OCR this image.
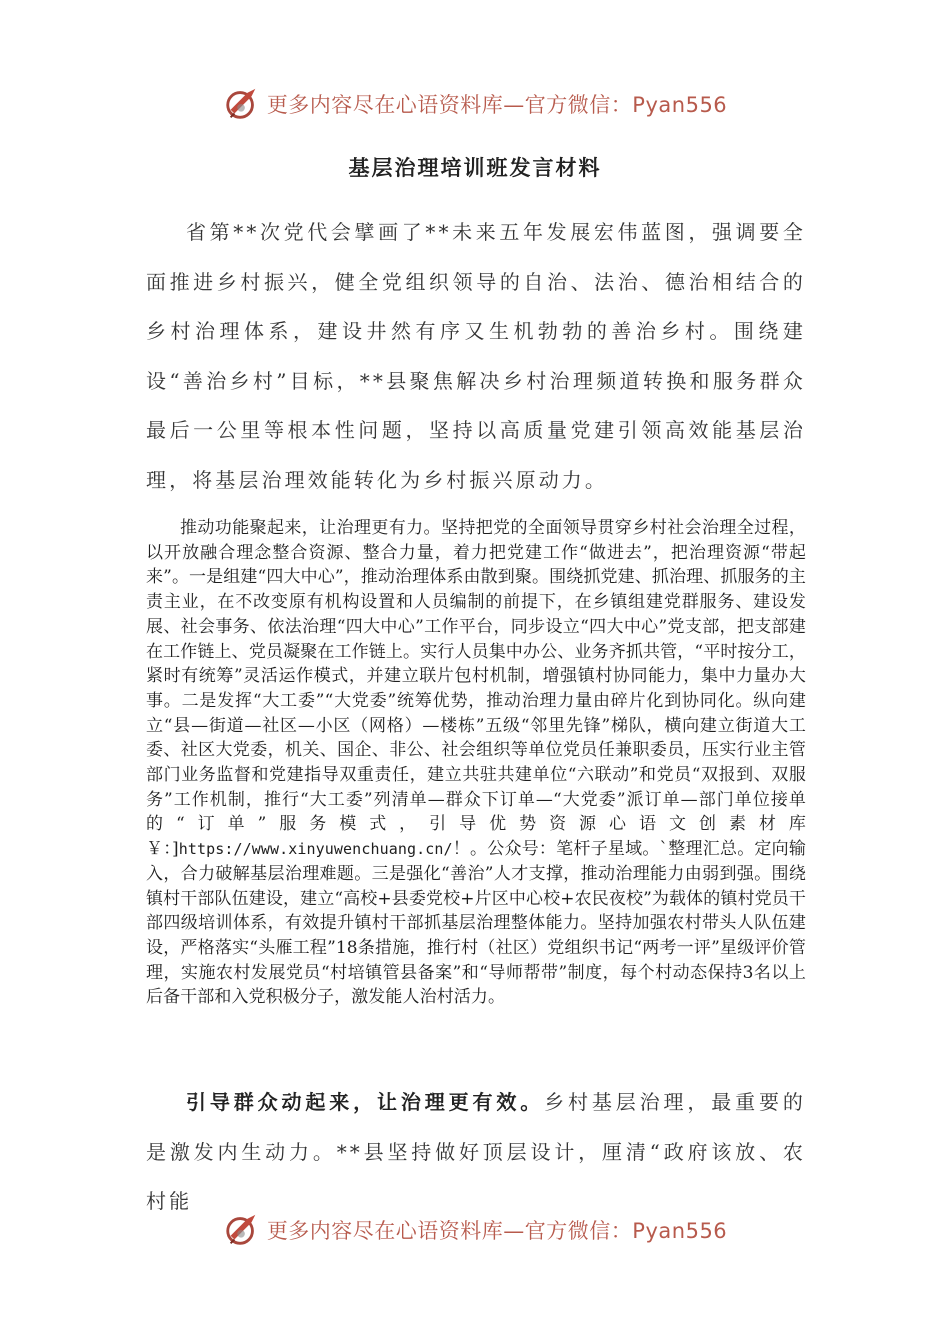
更多内容尽在心语资料库—官方微信：Pyan556
基层治理培训班发言材料

省第**次党代会擘画了**未来五年发展宏伟蓝图，强调要全面推进乡村振兴，健全党组织领导的自治、法治、德治相结合的乡村治理体系，建设井然有序又生机勃勃的善治乡村。围绕建设“善治乡村”目标，**县聚焦解决乡村治理频道转换和服务群众最后一公里等根本性问题，坚持以高质量党建引领高效能基层治理，将基层治理效能转化为乡村振兴原动力。

推动功能聚起来，让治理更有力。坚持把党的全面领导贯穿乡村社会治理全过程，以开放融合理念整合资源、整合力量，着力把党建工作“做进去”，把治理资源“带起来”。一是组建“四大中心”，推动治理体系由散到聚。围绕抓党建、抓治理、抓服务的主责主业，在不改变原有机构设置和人员编制的前提下，在乡镇组建党群服务、建设发展、社会事务、依法治理“四大中心”工作平台，同步设立“四大中心”党支部，把支部建在工作链上、党员凝聚在工作链上。实行人员集中办公、业务齐抓共管，“平时按分工，紧时有统筹”灵活运作模式，并建立联片包村机制，增强镇村协同能力，集中力量办大事。二是发挥“大工委”“大党委”统筹优势，推动治理力量由碎片化到协同化。纵向建立“县—街道—社区—小区（网格）—楼栋”五级“邻里先锋”梯队，横向建立街道大工委、社区大党委，机关、国企、非公、社会组织等单位党员任兼职委员，压实行业主管部门业务监督和党建指导双重责任，建立共驻共建单位“六联动”和党员“双报到、双服务”工作机制，推行“大工委”列清单—群众下订单—“大党委”派订单—部门单位接单的“订单”服务模式，引导优势资源心语文创素材库￥：]https://www.xinyuwenchuang.cn/！。公众号：笔杆子星域。`整理汇总。定向输入，合力破解基层治理难题。三是强化“善治”人才支撑，推动治理能力由弱到强。围绕镇村干部队伍建设，建立“高校+县委党校+片区中心校+农民夜校”为载体的镇村党员干部四级培训体系，有效提升镇村干部抓基层治理整体能力。坚持加强农村带头人队伍建设，严格落实“头雁工程”18条措施，推行村（社区）党组织书记“两考一评”星级评价管理，实施农村发展党员“村培镇管县备案”和“导师帮带”制度，每个村动态保持3名以上后备干部和入党积极分子，激发能人治村活力。

引导群众动起来，让治理更有效。乡村基层治理，最重要的是激发内生动力。**县坚持做好顶层设计，厘清“政府该放、农村能

更多内容尽在心语资料库—官方微信：Pyan556
